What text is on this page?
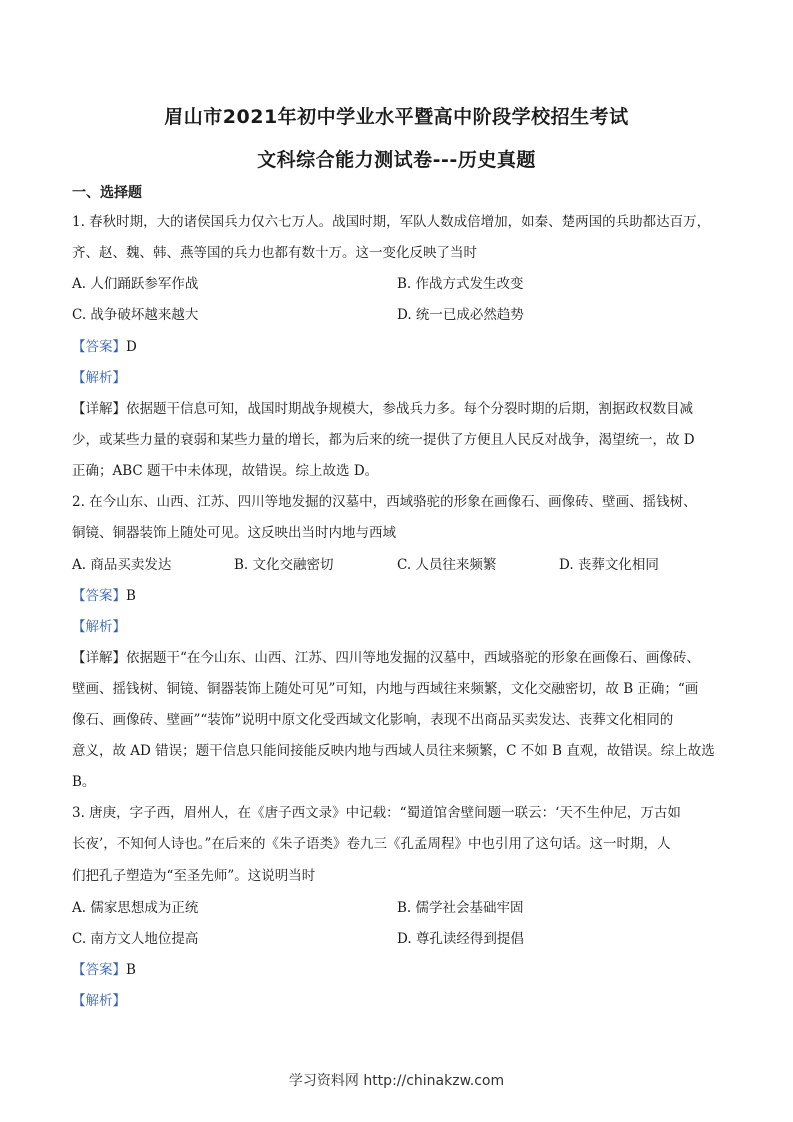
眉山市2021年初中学业水平暨高中阶段学校招生考试
文科综合能力测试卷---历史真题
一、选择题
1. 春秋时期，大的诸侯国兵力仅六七万人。战国时期，军队人数成倍增加，如秦、楚两国的兵助都达百万，
齐、赵、魏、韩、燕等国的兵力也都有数十万。这一变化反映了当时
A. 人们踊跃参军作战	B. 作战方式发生改变
C. 战争破坏越来越大	D. 统一已成必然趋势
【答案】D
【解析】
【详解】依据题干信息可知，战国时期战争规模大，参战兵力多。每个分裂时期的后期，割据政权数目减
少，或某些力量的衰弱和某些力量的增长，都为后来的统一提供了方便且人民反对战争，渴望统一，故 D
正确；ABC 题干中未体现，故错误。综上故选 D。
2. 在今山东、山西、江苏、四川等地发掘的汉墓中，西域骆驼的形象在画像石、画像砖、壁画、摇钱树、
铜镜、铜器装饰上随处可见。这反映出当时内地与西域
A. 商品买卖发达	B. 文化交融密切	C. 人员往来频繁	D. 丧葬文化相同
【答案】B
【解析】
【详解】依据题干“在今山东、山西、江苏、四川等地发掘的汉墓中，西域骆驼的形象在画像石、画像砖、
壁画、摇钱树、铜镜、铜器装饰上随处可见”可知，内地与西域往来频繁，文化交融密切，故 B 正确；“画
像石、画像砖、壁画”“装饰”说明中原文化受西域文化影响，表现不出商品买卖发达、丧葬文化相同的
意义，故 AD 错误；题干信息只能间接能反映内地与西域人员往来频繁，C 不如 B 直观，故错误。综上故选
B。
3. 唐庚，字子西，眉州人，在《唐子西文录》中记载：“蜀道馆舍壁间题一联云：‘天不生仲尼，万古如
长夜’，不知何人诗也。”在后来的《朱子语类》卷九三《孔孟周程》中也引用了这句话。这一时期，人
们把孔子塑造为“至圣先师”。这说明当时
A. 儒家思想成为正统	B. 儒学社会基础牢固
C. 南方文人地位提高	D. 尊孔读经得到提倡
【答案】B
【解析】
学习资料网 http://chinakzw.com
